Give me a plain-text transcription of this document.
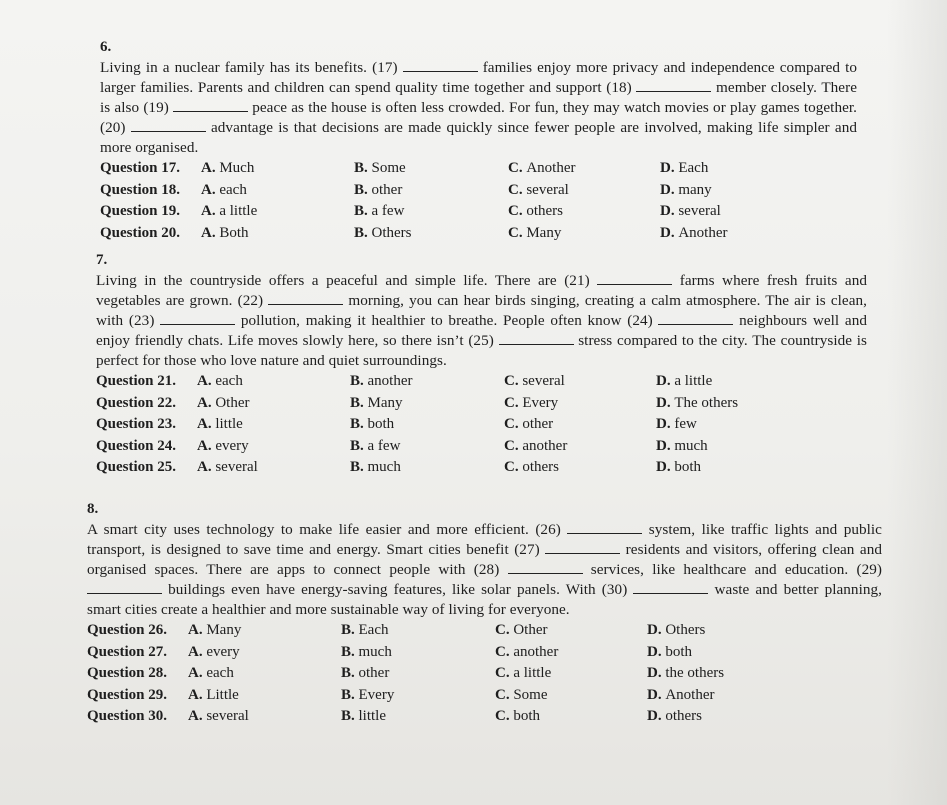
6.

Living in a nuclear family has its benefits. (17)	families enjoy more privacy and independence compared to larger families. Parents and children can spend quality time together and support (18)	member closely. There is also (19)	peace as the house is often less crowded. For fun, they may watch movies or play games together. (20)	advantage is that decisions are made quickly since fewer people are involved, making life simpler and more organised.

Question 17.	A. Much	B. Some	C. Another	D. Each
Question 18.	A. each	B. other	C. several	D. many
Question 19.	A. a little	B. a few	C. others	D. several
Question 20.	A. Both	B. Others	C. Many	D. Another
7.

Living in the countryside offers a peaceful and simple life. There are (21)	farms where fresh fruits and vegetables are grown. (22)	morning, you can hear birds singing, creating a calm atmosphere. The air is clean, with (23)	pollution, making it healthier to breathe. People often know (24)	neighbours well and enjoy friendly chats. Life moves slowly here, so there isn’t (25)	stress compared to the city. The countryside is perfect for those who love nature and quiet surroundings.

Question 21.	A. each	B. another	C. several	D. a little
Question 22.	A. Other	B. Many	C. Every	D. The others
Question 23.	A. little	B. both	C. other	D. few
Question 24.	A. every	B. a few	C. another	D. much
Question 25.	A. several	B. much	C. others	D. both
8.

A smart city uses technology to make life easier and more efficient. (26)	system, like traffic lights and public transport, is designed to save time and energy. Smart cities benefit (27)	residents and visitors, offering clean and organised spaces. There are apps to connect people with (28)	services, like healthcare and education. (29)  buildings even have energy-saving features, like solar panels. With (30)	waste and better planning, smart cities create a healthier and more sustainable way of living for everyone.

Question 26.	A. Many	B. Each	C. Other	D. Others
Question 27.	A. every	B. much	C. another	D. both
Question 28.	A. each	B. other	C. a little	D. the others
Question 29.	A. Little	B. Every	C. Some	D. Another
Question 30.	A. several	B. little	C. both	D. others
